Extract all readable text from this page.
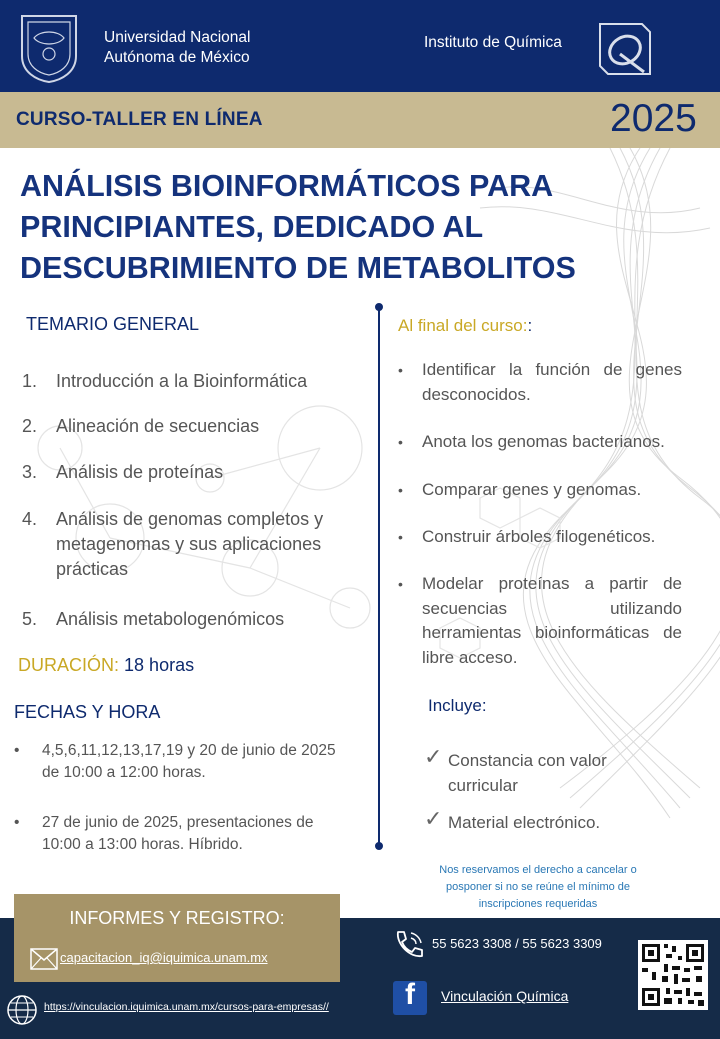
Universidad Nacional
Autónoma de México
Instituto de Química
CURSO-TALLER EN LÍNEA	2025
ANÁLISIS BIOINFORMÁTICOS PARA
PRINCIPIANTES, DEDICADO AL
DESCUBRIMIENTO DE METABOLITOS
TEMARIO GENERAL
1. Introducción a la Bioinformática
2. Alineación de secuencias
3. Análisis de proteínas
4. Análisis de genomas completos y metagenomas y sus aplicaciones prácticas
5. Análisis metabologenómicos
DURACIÓN: 18 horas
FECHAS Y HORA
• 4,5,6,11,12,13,17,19 y 20 de junio de 2025 de 10:00 a 12:00 horas.
• 27 de junio de 2025, presentaciones de 10:00 a 13:00 horas. Híbrido.
Al final del curso::
• Identificar la función de genes desconocidos.
• Anota los genomas bacterianos.
• Comparar genes y genomas.
• Construir árboles filogenéticos.
• Modelar proteínas a partir de secuencias utilizando herramientas bioinformáticas de libre acceso.
Incluye:
✓ Constancia con valor curricular
✓ Material electrónico.
Nos reservamos el derecho a cancelar o posponer si no se reúne el mínimo de inscripciones requeridas
INFORMES Y REGISTRO:
capacitacion_iq@iquimica.unam.mx
https://vinculacion.iquimica.unam.mx/cursos-para-empresas//
55 5623 3308 / 55 5623 3309
f	Vinculación Química
